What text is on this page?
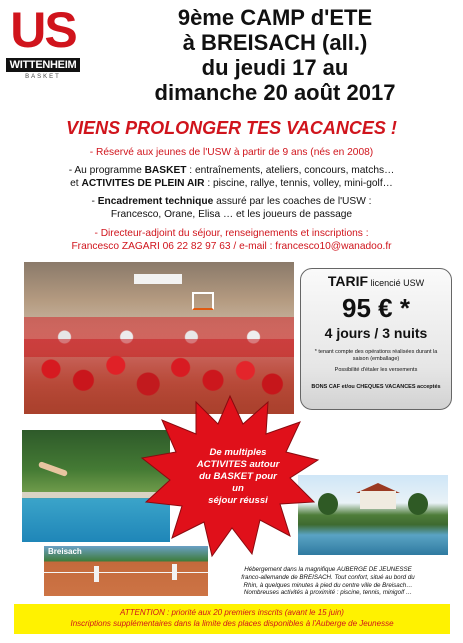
US
WITTENHEIM
BASKET
9ème CAMP d'ETE
à BREISACH (all.)
du jeudi 17 au
dimanche 20 août 2017
VIENS PROLONGER TES VACANCES !
- Réservé aux jeunes de l'USW à partir de 9 ans (nés en 2008)
- Au programme BASKET : entraînements, ateliers, concours, matchs…
et ACTIVITES DE PLEIN AIR : piscine, rallye, tennis, volley, mini-golf…
- Encadrement technique assuré par les coaches de l'USW :
Francesco, Orane, Elisa … et les joueurs de passage
- Directeur-adjoint du séjour, renseignements et inscriptions :
Francesco ZAGARI 06 22 82 97 63 / e-mail : francesco10@wanadoo.fr
TARIF licencié USW
95 € *
4 jours / 3 nuits
* tenant compte des opérations réalisées durant la saison (emballage)
Possibilité d'étaler les versements
BONS CAF et/ou CHEQUES VACANCES acceptés
De multiples
ACTIVITES autour
du BASKET pour un
séjour réussi
Breisach
Hébergement dans la magnifique AUBERGE DE JEUNESSE
franco-allemande de BREISACH. Tout confort, situé au bord du
Rhin, à quelques minutes à pied du centre ville de Breisach…
Nombreuses activités à proximité : piscine, tennis, minigolf …
ATTENTION : priorité aux 20 premiers inscrits (avant le 15 juin)
Inscriptions supplémentaires dans la limite des places disponibles à l'Auberge de Jeunesse
